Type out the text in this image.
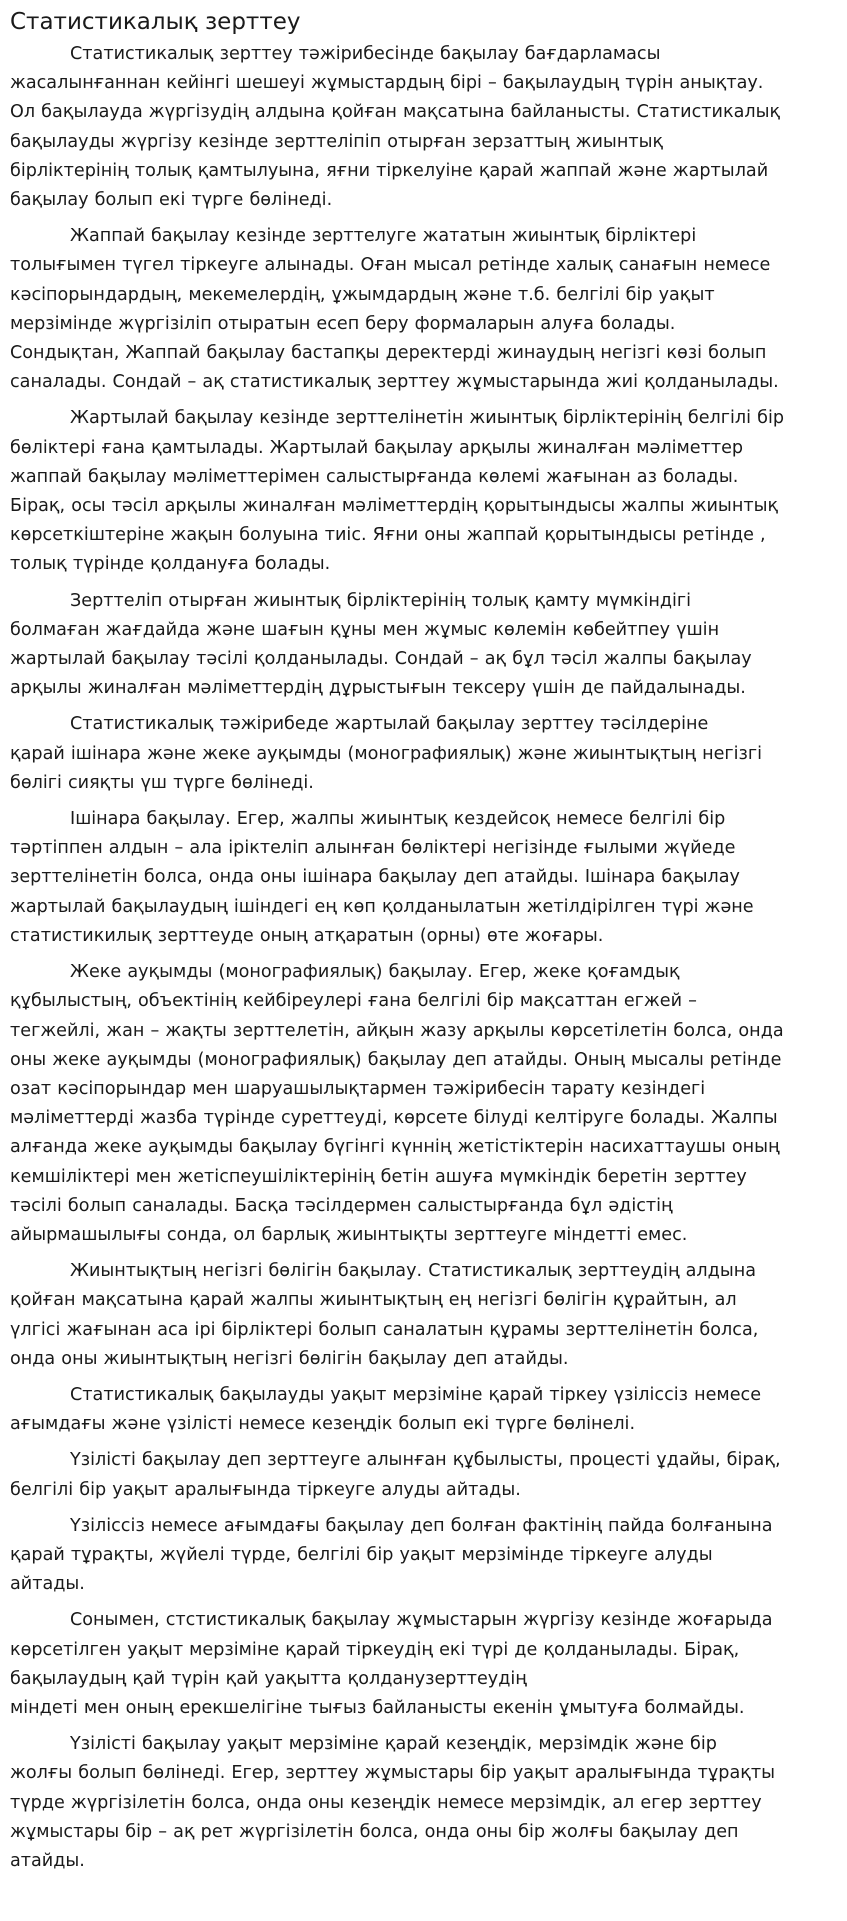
Статистикалық зерттеу

Статистикалық зерттеу тәжірибесінде бақылау бағдарламасы
жасалынғаннан кейінгі шешеуі жұмыстардың бірі – бақылаудың түрін анықтау.
Ол бақылауда жүргізудің алдына қойған мақсатына байланысты. Статистикалық
бақылауды жүргізу кезінде зерттеліпіп отырған зерзаттың жиынтық
бірліктерінің толық қамтылуына, яғни тіркелуіне қарай жаппай және жартылай
бақылау болып екі түрге бөлінеді.

Жаппай бақылау кезінде зерттелуге жататын жиынтық бірліктері
толығымен түгел тіркеуге алынады. Оған мысал ретінде халық санағын немесе
кәсіпорындардың, мекемелердің, ұжымдардың және т.б. белгілі бір уақыт
мерзімінде жүргізіліп отыратын есеп беру формаларын алуға болады.
Сондықтан, Жаппай бақылау бастапқы деректерді жинаудың негізгі көзі болып
саналады. Сондай – ақ статистикалық зерттеу жұмыстарында жиі қолданылады.

Жартылай бақылау кезінде зерттелінетін жиынтық бірліктерінің белгілі бір
бөліктері ғана қамтылады. Жартылай бақылау арқылы жиналған мәліметтер
жаппай бақылау мәліметтерімен салыстырғанда көлемі жағынан аз болады.
Бірақ, осы тәсіл арқылы жиналған мәліметтердің қорытындысы жалпы жиынтық
көрсеткіштеріне жақын болуына тиіс. Яғни оны жаппай қорытындысы ретінде ,
толық түрінде қолдануға болады.

Зерттеліп отырған жиынтық бірліктерінің толық қамту мүмкіндігі
болмаған жағдайда және шағын құны мен жұмыс көлемін көбейтпеу үшін
жартылай бақылау тәсілі қолданылады. Сондай – ақ бұл тәсіл жалпы бақылау
арқылы жиналған мәліметтердің дұрыстығын тексеру үшін де пайдалынады.

Статистикалық тәжірибеде жартылай бақылау зерттеу тәсілдеріне
қарай ішінара және жеке ауқымды (монографиялық) және жиынтықтың негізгі
бөлігі сияқты үш түрге бөлінеді.

Ішінара бақылау. Егер, жалпы жиынтық кездейсоқ немесе белгілі бір
тәртіппен алдын – ала іріктеліп алынған бөліктері негізінде ғылыми жүйеде
зерттелінетін болса, онда оны ішінара бақылау деп атайды. Ішінара бақылау
жартылай бақылаудың ішіндегі ең көп қолданылатын жетілдірілген түрі және
статистикилық зерттеуде оның атқаратын (орны) өте жоғары.

Жеке ауқымды (монографиялық) бақылау. Егер, жеке қоғамдық
құбылыстың, объектінің кейбіреулері ғана белгілі бір мақсаттан егжей –
тегжейлі, жан – жақты зерттелетін, айқын жазу арқылы көрсетілетін болса, онда
оны жеке ауқымды (монографиялық) бақылау деп атайды. Оның мысалы ретінде
озат кәсіпорындар мен шаруашылықтармен тәжірибесін тарату кезіндегі
мәліметтерді жазба түрінде суреттеуді, көрсете білуді келтіруге болады. Жалпы
алғанда жеке ауқымды бақылау бүгінгі күннің жетістіктерін насихаттаушы оның
кемшіліктері мен жетіспеушіліктерінің бетін ашуға мүмкіндік беретін зерттеу
тәсілі болып саналады. Басқа тәсілдермен салыстырғанда бұл әдістің
айырмашылығы сонда, ол барлық жиынтықты зерттеуге міндетті емес.

Жиынтықтың негізгі бөлігін бақылау. Статистикалық зерттеудің алдына
қойған мақсатына қарай жалпы жиынтықтың ең негізгі бөлігін құрайтын, ал
үлгісі жағынан аса ірі бірліктері болып саналатын құрамы зерттелінетін болса,
онда оны жиынтықтың негізгі бөлігін бақылау деп атайды.

Статистикалық бақылауды уақыт мерзіміне қарай тіркеу үзіліссіз немесе
ағымдағы және үзілісті немесе кезеңдік болып екі түрге бөлінелі.

Үзілісті бақылау деп зерттеуге алынған құбылысты, процесті ұдайы, бірақ,
белгілі бір уақыт аралығында тіркеуге алуды айтады.

Үзіліссіз немесе ағымдағы бақылау деп болған фактінің пайда болғанына
қарай тұрақты, жүйелі түрде, белгілі бір уақыт мерзімінде тіркеуге алуды
айтады.

Сонымен, стстистикалық бақылау жұмыстарын жүргізу кезінде жоғарыда
көрсетілген уақыт мерзіміне қарай тіркеудің екі түрі де қолданылады. Бірақ,
бақылаудың қай түрін қай уақытта қолданузерттеудің
міндеті мен оның ерекшелігіне тығыз байланысты екенін ұмытуға болмайды.

Үзілісті бақылау уақыт мерзіміне қарай кезеңдік, мерзімдік және бір
жолғы болып бөлінеді. Егер, зерттеу жұмыстары бір уақыт аралығында тұрақты
түрде жүргізілетін болса, онда оны кезеңдік немесе мерзімдік, ал егер зерттеу
жұмыстары бір – ақ рет жүргізілетін болса, онда оны бір жолғы бақылау деп
атайды.
